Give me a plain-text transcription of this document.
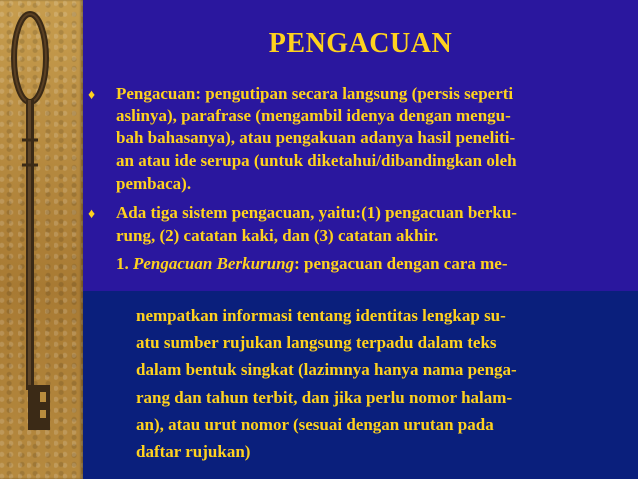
PENGACUAN
♦ Pengacuan: pengutipan secara langsung (persis seperti
aslinya), parafrase (mengambil idenya dengan mengu-
bah bahasanya), atau pengakuan adanya hasil peneliti-
an atau ide serupa (untuk diketahui/dibandingkan oleh
pembaca).
♦ Ada tiga sistem pengacuan, yaitu:(1) pengacuan berku-
rung, (2) catatan kaki, dan (3) catatan akhir.
1. Pengacuan Berkurung: pengacuan dengan cara me-
nempatkan informasi tentang identitas lengkap su-
atu sumber rujukan langsung terpadu dalam teks
dalam bentuk singkat (lazimnya hanya nama penga-
rang dan tahun terbit, dan jika perlu nomor halam-
an), atau urut nomor (sesuai dengan urutan pada
daftar rujukan)
